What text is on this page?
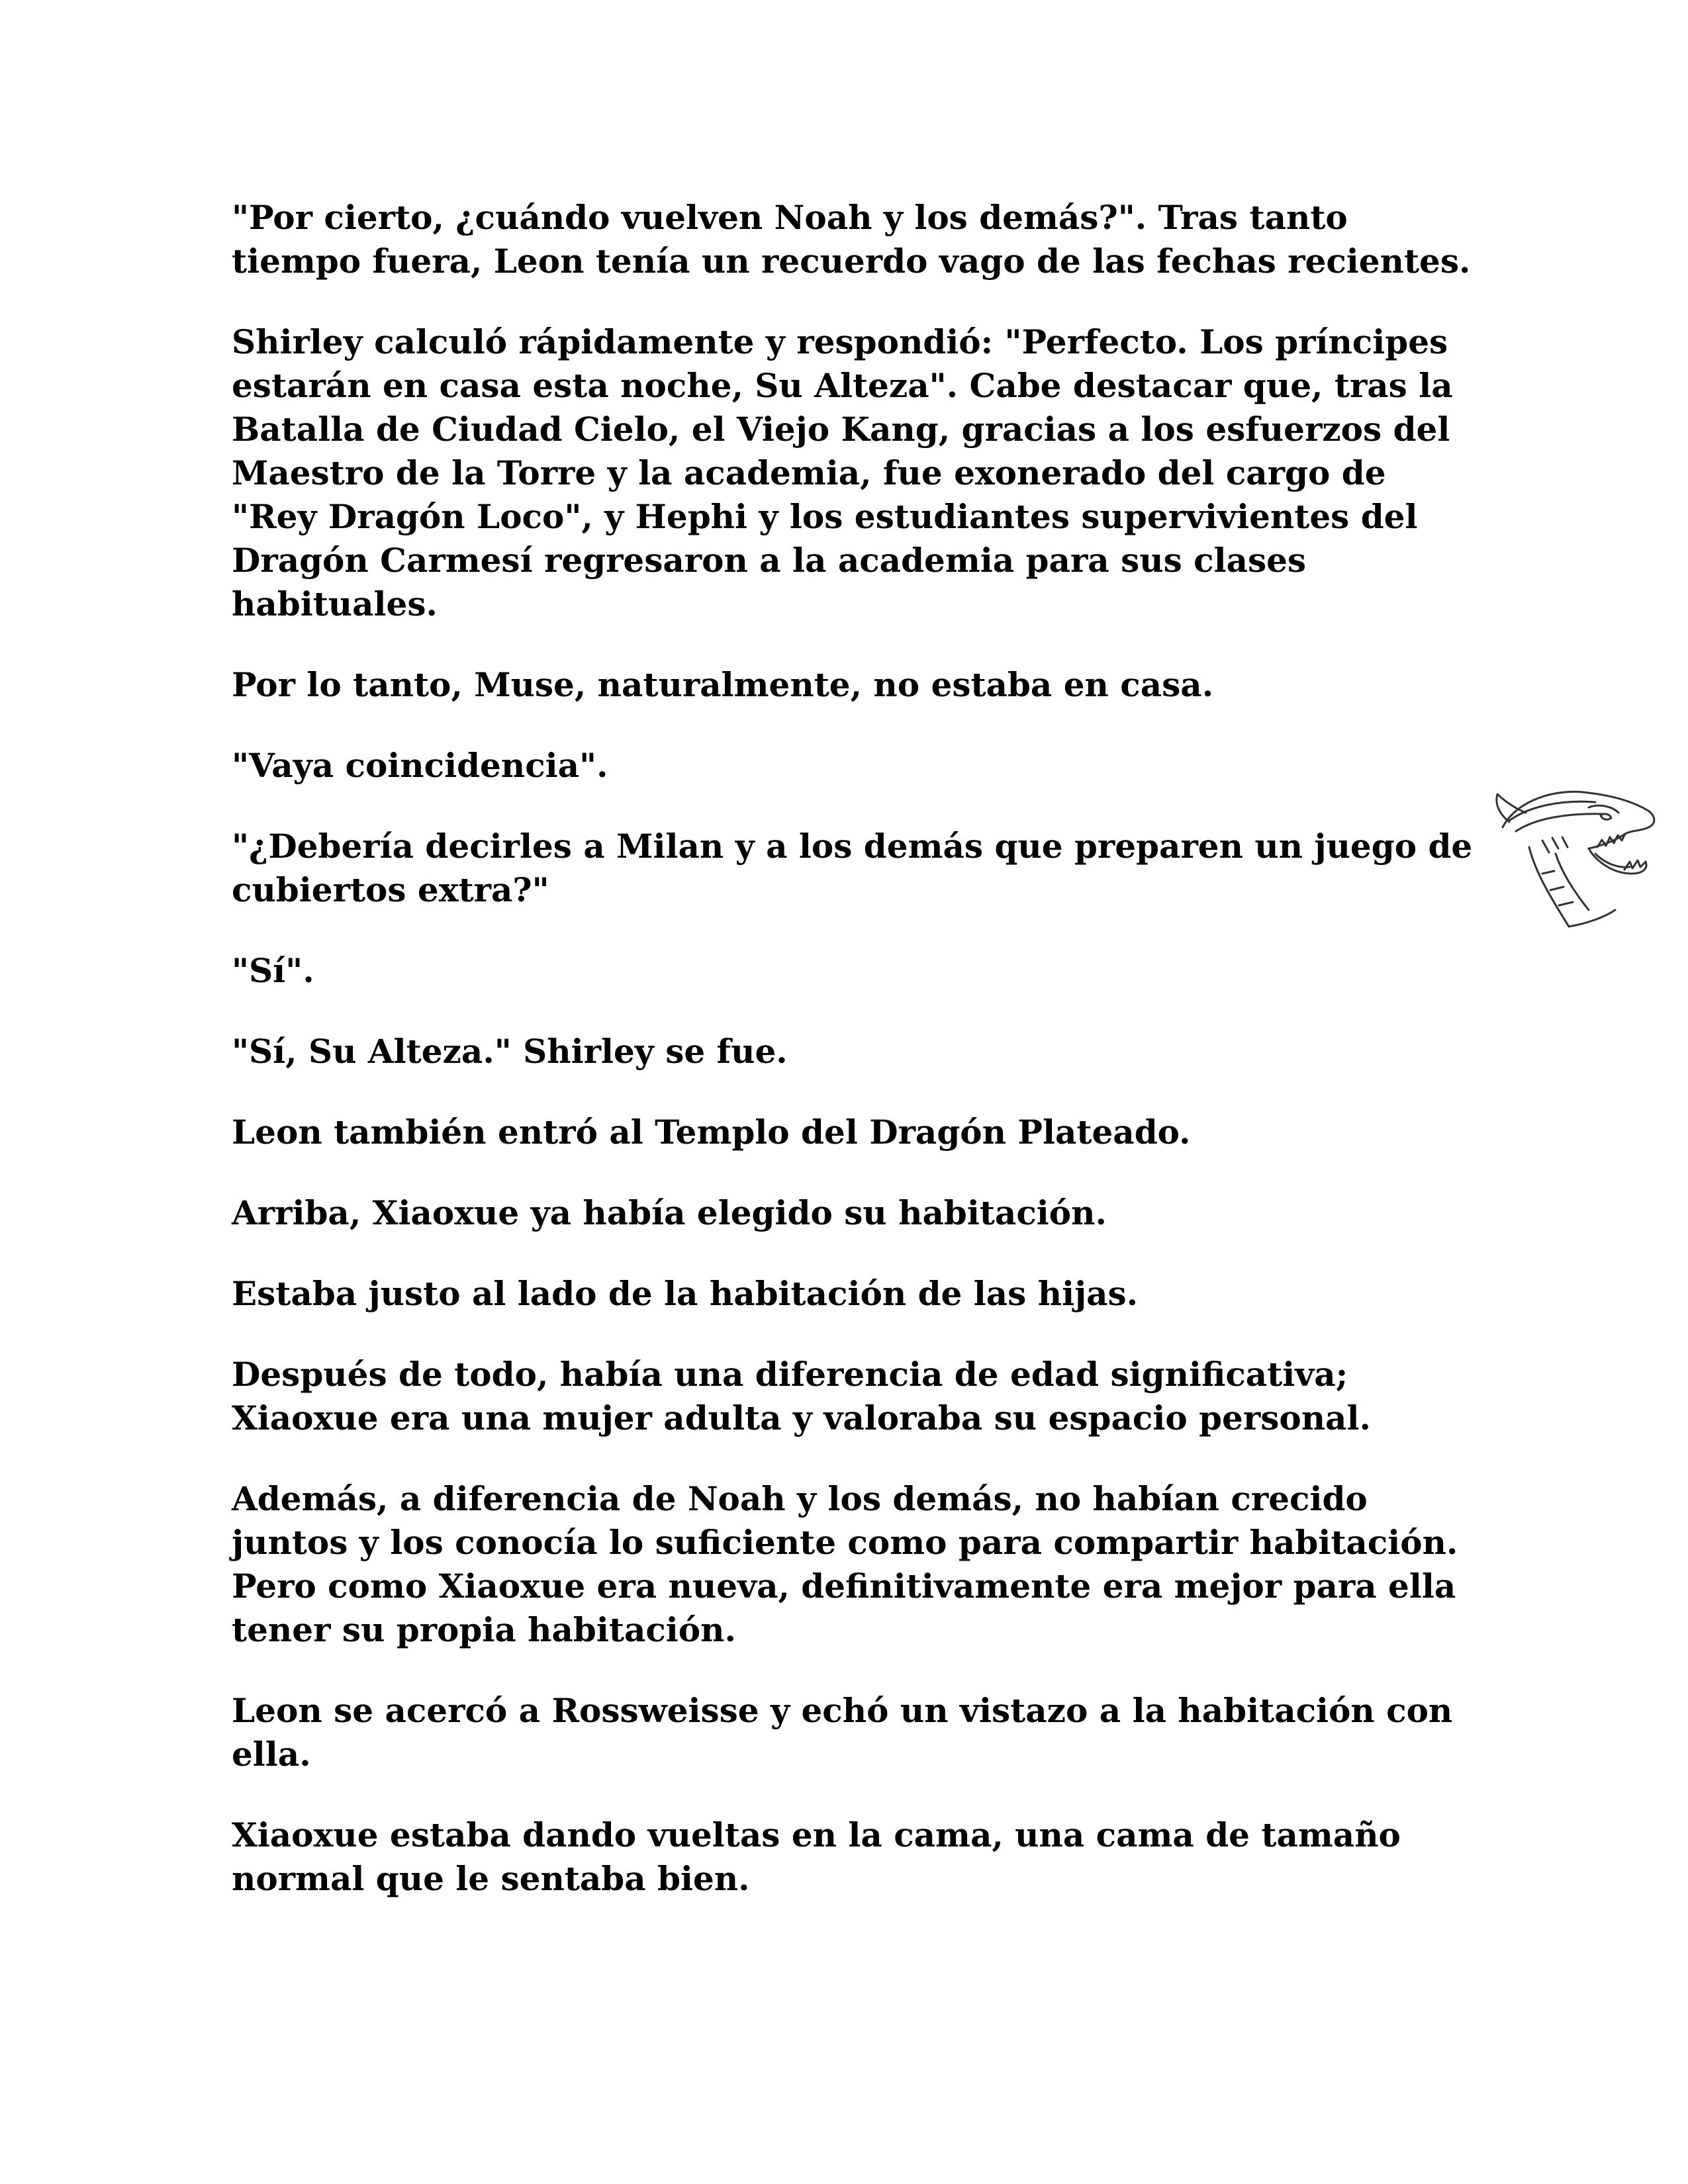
"Por cierto, ¿cuándo vuelven Noah y los demás?". Tras tanto tiempo fuera, Leon tenía un recuerdo vago de las fechas recientes.

Shirley calculó rápidamente y respondió: "Perfecto. Los príncipes estarán en casa esta noche, Su Alteza". Cabe destacar que, tras la Batalla de Ciudad Cielo, el Viejo Kang, gracias a los esfuerzos del Maestro de la Torre y la academia, fue exonerado del cargo de "Rey Dragón Loco", y Hephi y los estudiantes supervivientes del Dragón Carmesí regresaron a la academia para sus clases habituales.

Por lo tanto, Muse, naturalmente, no estaba en casa.

"Vaya coincidencia".

"¿Debería decirles a Milan y a los demás que preparen un juego de cubiertos extra?"

"Sí".

"Sí, Su Alteza." Shirley se fue.

Leon también entró al Templo del Dragón Plateado.

Arriba, Xiaoxue ya había elegido su habitación.

Estaba justo al lado de la habitación de las hijas.

Después de todo, había una diferencia de edad significativa; Xiaoxue era una mujer adulta y valoraba su espacio personal.

Además, a diferencia de Noah y los demás, no habían crecido juntos y los conocía lo suficiente como para compartir habitación. Pero como Xiaoxue era nueva, definitivamente era mejor para ella tener su propia habitación.

Leon se acercó a Rossweisse y echó un vistazo a la habitación con ella.

Xiaoxue estaba dando vueltas en la cama, una cama de tamaño normal que le sentaba bien.
